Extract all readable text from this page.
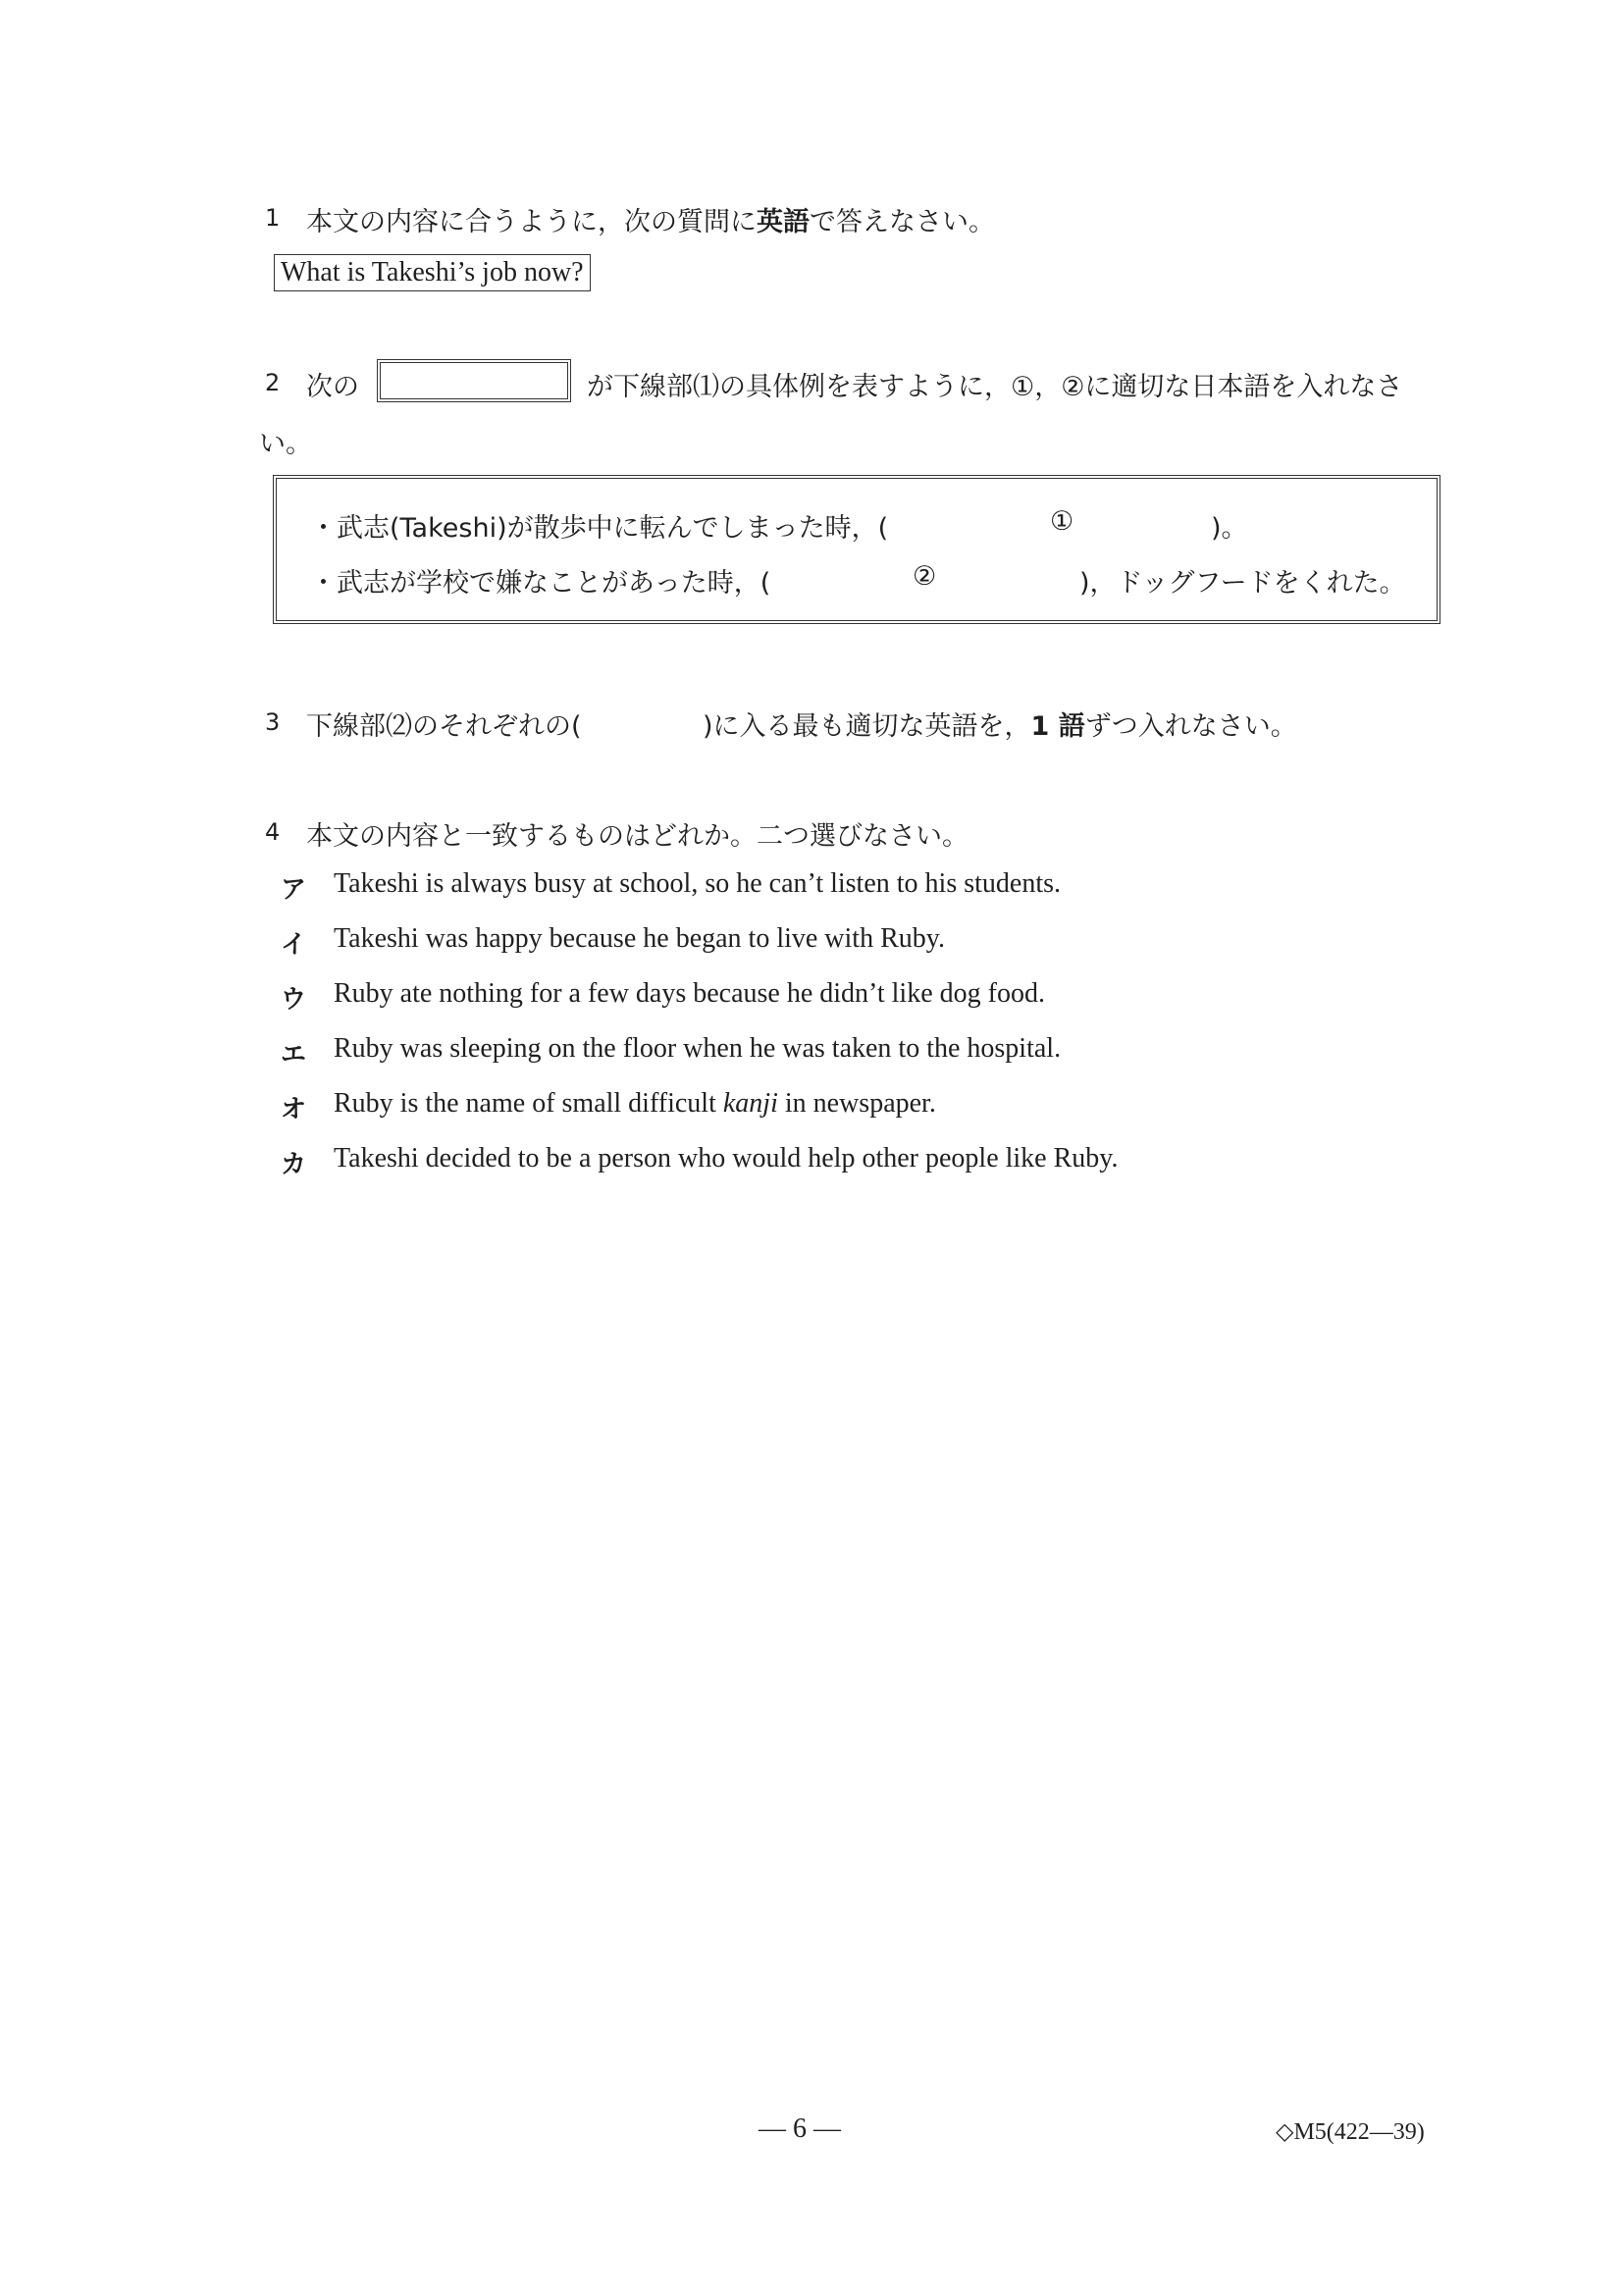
1 本文の内容に合うように，次の質問に英語で答えなさい。
What is Takeshi’s job now?
2 次の	が下線部⑴の具体例を表すように，①，②に適切な日本語を入れなさ
い。
・武志(Takeshi)が散歩中に転んでしまった時，(	①	)。
・武志が学校で嫌なことがあった時，(	②	)，ドッグフードをくれた。
3 下線部⑵のそれぞれの(	)に入る最も適切な英語を，1 語ずつ入れなさい。
4 本文の内容と一致するものはどれか。二つ選びなさい。
ア Takeshi is always busy at school, so he can’t listen to his students.
イ Takeshi was happy because he began to live with Ruby.
ウ Ruby ate nothing for a few days because he didn’t like dog food.
エ Ruby was sleeping on the floor when he was taken to the hospital.
オ Ruby is the name of small difficult kanji in newspaper.
カ Takeshi decided to be a person who would help other people like Ruby.
— 6 —	◇M5(422—39)
